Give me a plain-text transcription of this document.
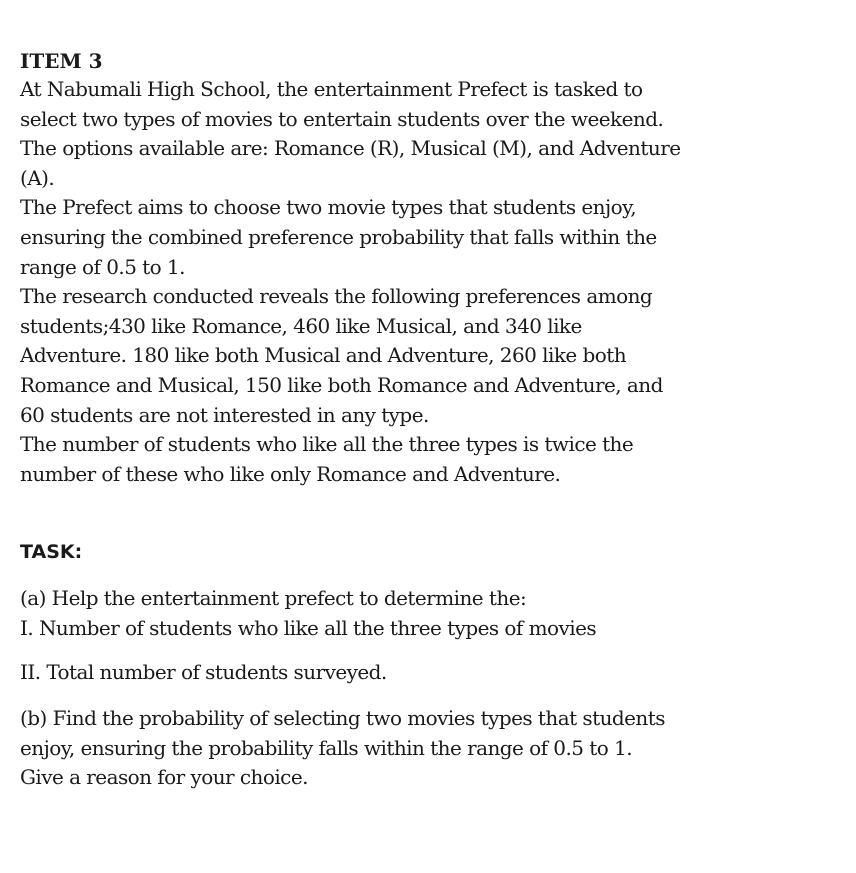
ITEM 3

At Nabumali High School, the entertainment Prefect is tasked to

select two types of movies to entertain students over the weekend.

The options available are: Romance (R), Musical (M), and Adventure

(A).

The Prefect aims to choose two movie types that students enjoy,

ensuring the combined preference probability that falls within the

range of 0.5 to 1.

The research conducted reveals the following preferences among

students;430 like Romance, 460 like Musical, and 340 like

Adventure. 180 like both Musical and Adventure, 260 like both

Romance and Musical, 150 like both Romance and Adventure, and

60 students are not interested in any type.

The number of students who like all the three types is twice the

number of these who like only Romance and Adventure.

TASK:

(a) Help the entertainment prefect to determine the:

I. Number of students who like all the three types of movies

II. Total number of students surveyed.

(b) Find the probability of selecting two movies types that students

enjoy, ensuring the probability falls within the range of 0.5 to 1.

Give a reason for your choice.
